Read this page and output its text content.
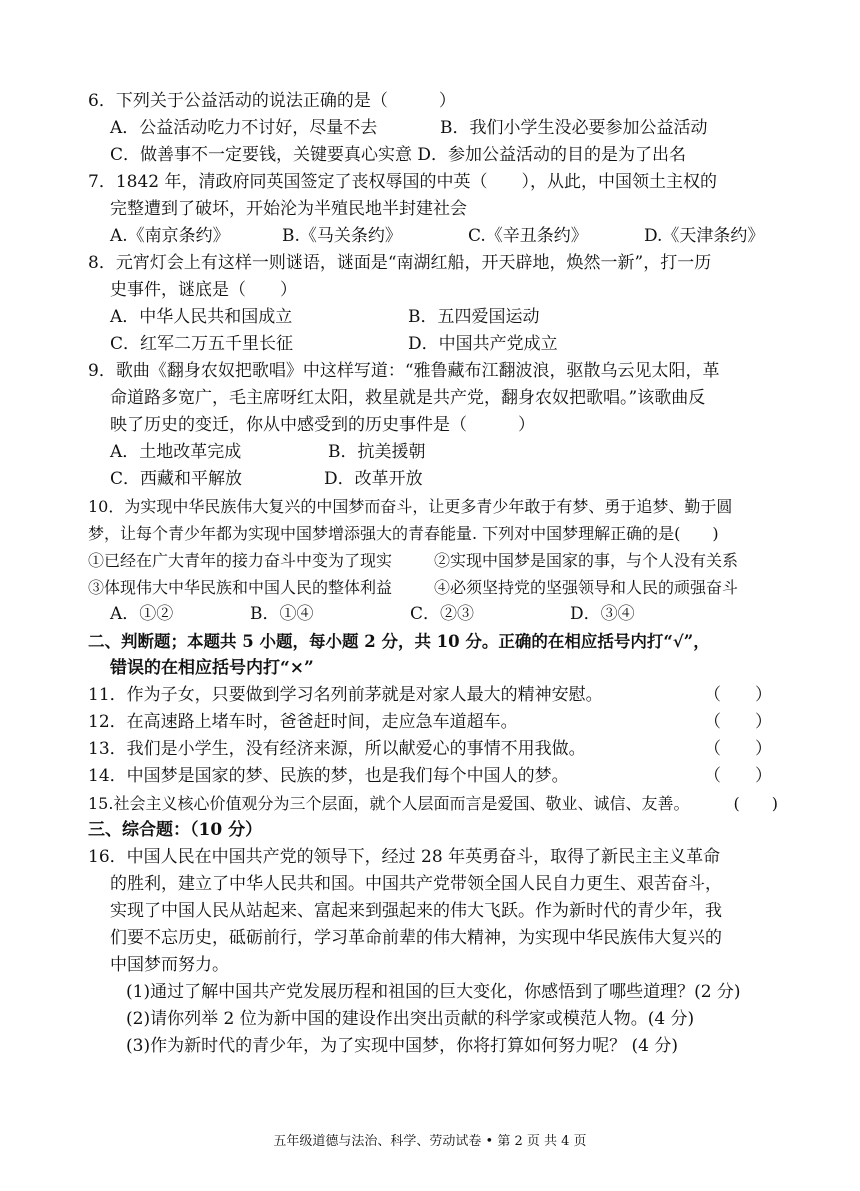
6．下列关于公益活动的说法正确的是（　　　）
A．公益活动吃力不讨好，尽量不去	B．我们小学生没必要参加公益活动
C．做善事不一定要钱，关键要真心实意 D．参加公益活动的目的是为了出名
7．1842 年，清政府同英国签定了丧权辱国的中英（　　），从此，中国领土主权的
完整遭到了破坏，开始沦为半殖民地半封建社会
A.《南京条约》	B.《马关条约》	C.《辛丑条约》	D.《天津条约》
8．元宵灯会上有这样一则谜语，谜面是“南湖红船，开天辟地，焕然一新”，打一历
史事件，谜底是（　　）
A．中华人民共和国成立	B．五四爱国运动
C．红军二万五千里长征	D．中国共产党成立
9．歌曲《翻身农奴把歌唱》中这样写道：“雅鲁藏布江翻波浪，驱散乌云见太阳，革
命道路多宽广，毛主席呀红太阳，救星就是共产党，翻身农奴把歌唱。”该歌曲反
映了历史的变迁，你从中感受到的历史事件是（　　　）
A．土地改革完成	B．抗美援朝
C．西藏和平解放	D．改革开放
10．为实现中华民族伟大复兴的中国梦而奋斗，让更多青少年敢于有梦、勇于追梦、勤于圆
梦，让每个青少年都为实现中国梦增添强大的青春能量. 下列对中国梦理解正确的是(　　)
①已经在广大青年的接力奋斗中变为了现实	②实现中国梦是国家的事，与个人没有关系
③体现伟大中华民族和中国人民的整体利益	④必须坚持党的坚强领导和人民的顽强奋斗
A．①②	B．①④	C．②③	D．③④
二、判断题；本题共 5 小题，每小题 2 分，共 10 分。正确的在相应括号内打“√”，
错误的在相应括号内打“×”
11．作为子女，只要做到学习名列前茅就是对家人最大的精神安慰。	（　　）
12．在高速路上堵车时，爸爸赶时间，走应急车道超车。	（　　）
13．我们是小学生，没有经济来源，所以献爱心的事情不用我做。	（　　）
14．中国梦是国家的梦、民族的梦，也是我们每个中国人的梦。	（　　）
15.社会主义核心价值观分为三个层面，就个人层面而言是爱国、敬业、诚信、友善。	(　　)
三、综合题：（10 分）
16．中国人民在中国共产党的领导下，经过 28 年英勇奋斗，取得了新民主主义革命
的胜利，建立了中华人民共和国。中国共产党带领全国人民自力更生、艰苦奋斗，
实现了中国人民从站起来、富起来到强起来的伟大飞跃。作为新时代的青少年，我
们要不忘历史，砥砺前行，学习革命前辈的伟大精神，为实现中华民族伟大复兴的
中国梦而努力。
(1)通过了解中国共产党发展历程和祖国的巨大变化，你感悟到了哪些道理？(2 分)
(2)请你列举 2 位为新中国的建设作出突出贡献的科学家或模范人物。(4 分)
(3)作为新时代的青少年，为了实现中国梦，你将打算如何努力呢？ (4 分)
五年级道德与法治、科学、劳动试卷 • 第 2 页 共 4 页
